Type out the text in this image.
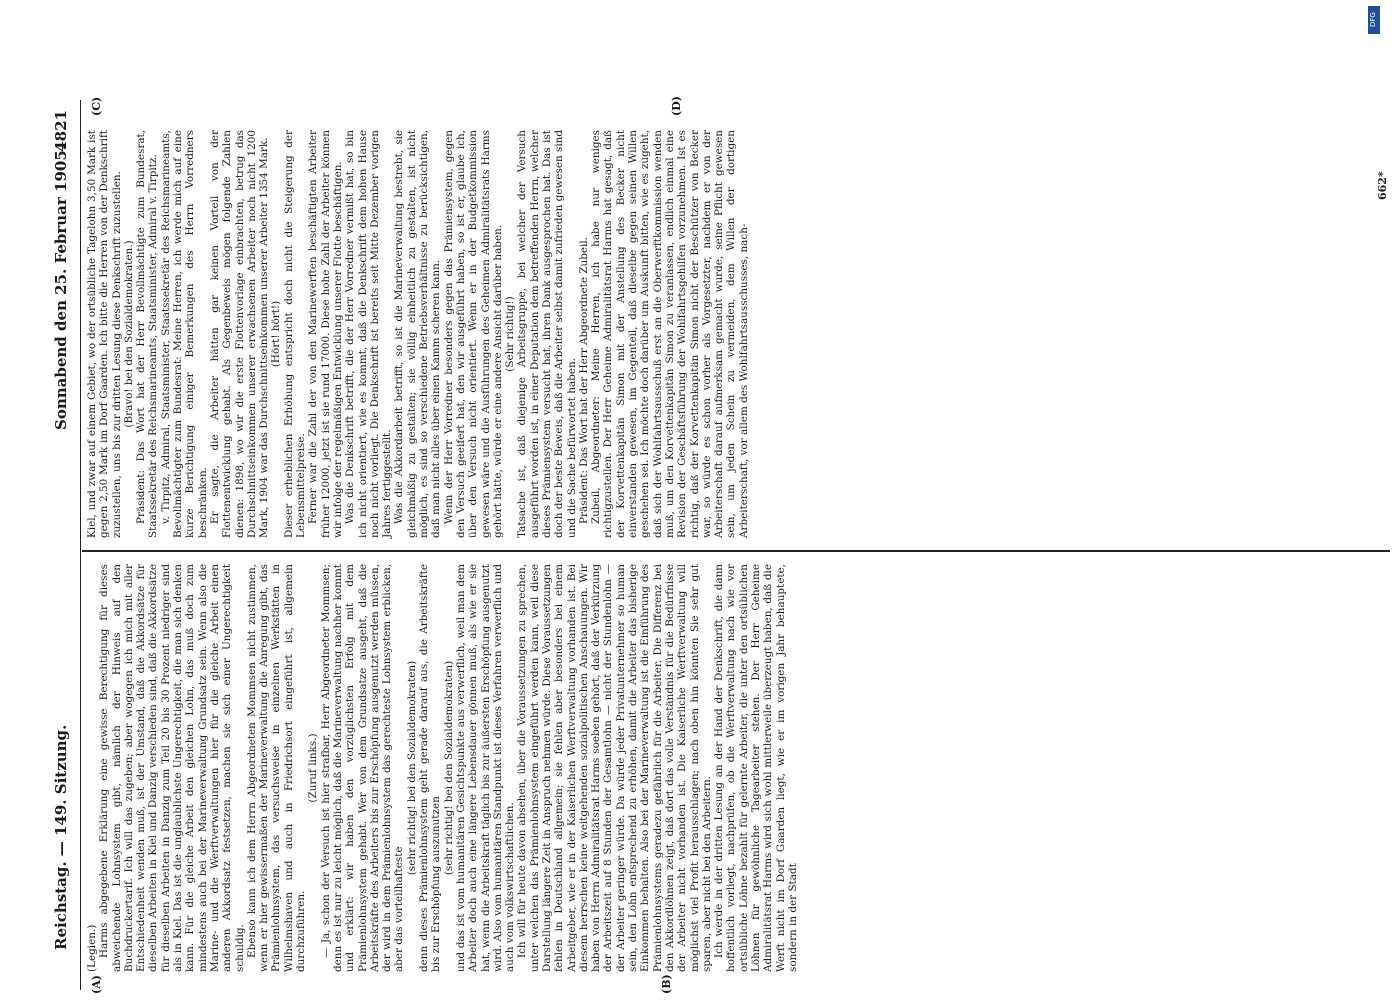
DFG
Reichstag. — 149. Sitzung.
Sonnabend den 25. Februar 1905.
4821
(A)	(B)
(C)	(D)

(Legien.) Harms abgegebene Erklärung eine gewisse Berechtigung für dieses abweichende Lohnsystem gibt, nämlich der Hinweis auf den Buchdruckertarif. Ich will das zugeben; aber wogegen ich mich mit aller Entschiedenheit wenden muß, ist der Umstand, daß die Akkordsätze für dieselben Arbeiten in Kiel und Danzig verschieden sind, daß die Akkordsätze für dieselben Arbeiten in Danzig zum Teil 20 bis 30 Prozent niedriger sind als in Kiel. Das ist die unglaublichste Ungerechtigkeit, die man sich denken kann. Für die gleiche Arbeit den gleichen Lohn, das muß doch zum mindestens auch bei der Marineverwaltung Grundsatz sein. Wenn also die Marine- und die Werftverwaltungen hier für die gleiche Arbeit einen anderen Akkordsatz festsetzen, machen sie sich einer Ungerechtigkeit schuldig. Ebenso kann ich dem Herrn Abgeordneten Mommsen nicht zustimmen, wenn er hier gewissermaßen der Marineverwaltung die Anregung gibt, das Prämienlohnsystem, das versuchsweise in einzelnen Werkstätten in Wilhelmshaven und auch in Friedrichsort eingeführt ist, allgemein durchzuführen.

(Zuruf links.) — Ja, schon der Versuch ist hier strafbar, Herr Abgeordneter Mommsen; denn es ist nur zu leicht möglich, daß die Marineverwaltung nachher kommt und erklärt: wir haben den vorzüglichsten Erfolg mit dem Prämienlohnsystem gehabt. Wer von dem Grundsatze ausgeht, daß die Arbeitskräfte des Arbeiters bis zur Erschöpfung ausgenutzt werden müssen, der wird in dem Prämienlohnsystem das gerechteste Lohnsystem erblicken, aber das vorteilhafteste

(sehr richtig! bei den Sozialdemokraten) denn dieses Prämienlohnsystem geht gerade darauf aus, die Arbeitskräfte bis zur Erschöpfung auszunutzen

(sehr richtig! bei den Sozialdemokraten) und das ist vom humanitären Gesichtspunkte aus verwerflich, weil man dem Arbeiter doch auch eine längere Lebensdauer gönnen muß, als wie er sie hat, wenn die Arbeitskraft täglich bis zur äußersten Erschöpfung ausgenutzt wird. Also vom humanitären Standpunkt ist dieses Verfahren verwerflich und auch vom volkswirtschaftlichen. Ich will für heute davon absehen, über die Voraussetzungen zu sprechen, unter welchen das Prämienlohnsystem eingeführt werden kann, weil diese Darstellung längere Zeit in Anspruch nehmen würde. Diese Voraussetzungen fehlen in Deutschland allgemein; sie fehlen aber besonders bei einem Arbeitgeber, wie er in der Kaiserlichen Werftverwaltung vorhanden ist. Bei diesem herrschen keine weitgehenden sozialpolitischen Anschauungen. Wir haben von Herrn Admiralitätsrat Harms soeben gehört, daß der Verkürzung der Arbeitszeit auf 8 Stunden der Gesamtlohn — nicht der Stundenlohn — der Arbeiter geringer würde. Da würde jeder Privatunternehmer so human sein, den Lohn entsprechend zu erhöhen, damit die Arbeiter das bisherige Einkommen behalten. Also bei der Marineverwaltung ist die Einführung des Prämienlohnsystems geradezu gefährlich für die Arbeiter. Die Differenz bei den Akkordlöhnen zeigt, daß dort das volle Verständnis für die Bedürfnisse der Arbeiter nicht vorhanden ist. Die Kaiserliche Werftverwaltung will möglichst viel Profit herausschlagen; nach oben hin könnten Sie sehr gut sparen, aber nicht bei den Arbeitern. Ich werde in der dritten Lesung an der Hand der Denkschrift, die dann hoffentlich vorliegt, nachprüfen, ob die Werftverwaltung nach wie vor ortsübliche Löhne bezahlt für gelernte Arbeiter, die unter den ortsüblichen Löhnen für gewöhnliche Tagearbeiter stehen. Der Herr Geheime Admiralitätsrat Harms wird sich wohl mittlerweile überzeugt haben, daß die Werft nicht im Dorf Gaarden liegt, wie er im vorigen Jahr behauptete, sondern in der Stadt

Kiel, und zwar auf einem Gebiet, wo der ortsübliche Tagelohn 3,50 Mark ist gegen 2,50 Mark im Dorf Gaarden. Ich bitte die Herren von der Denkschrift zuzustellen, uns bis zur dritten Lesung diese Denkschrift zuzustellen. (Bravo! bei den Sozialdemokraten.) Präsident: Das Wort hat der Herr Bevollmächtigte zum Bundesrat, Staatssekretär des Reichsmarineamts, Staatsminister, Admiral v. Tirpitz. v. Tirpitz, Admiral, Staatsminister, Staatssekretär des Reichsmarineamts, Bevollmächtigter zum Bundesrat: Meine Herren, ich werde mich auf eine kurze Berichtigung einiger Bemerkungen des Herrn Vorredners beschränken. Er sagte, die Arbeiter hätten gar keinen Vorteil von der Flottenentwicklung gehabt. Als Gegenbeweis mögen folgende Zahlen dienen: 1898, wo wir die erste Flottenvorlage einbrachten, betrug das Durchschnittseinkommen unserer erwachsenen Arbeiter noch nicht 1200 Mark, 1904 war das Durchschnittseinkommen unserer Arbeiter 1354 Mark. (Hört! hört!) Dieser erheblichen Erhöhung entspricht doch nicht die Steigerung der Lebensmittelpreise. Ferner war die Zahl der von den Marinewerften beschäftigten Arbeiter früher 12000, jetzt ist sie rund 17000. Diese hohe Zahl der Arbeiter können wir infolge der regelmäßigen Entwicklung unserer Flotte beschäftigen. Was die Denkschrift betrifft, die der Herr Vorredner vermißt hat, so bin ich nicht orientiert, wie es kommt, daß die Denkschrift dem hohen Hause noch nicht vorliegt. Die Denkschrift ist bereits seit Mitte Dezember vorigen Jahres fertiggestellt. Was die Akkordarbeit betrifft, so ist die Marineverwaltung bestrebt, sie gleichmäßig zu gestalten; sie völlig einheitlich zu gestalten, ist nicht möglich, es sind so verschiedene Betriebsverhältnisse zu berücksichtigen, daß man nicht alles über einen Kamm scheren kann. Wenn der Herr Vorredner besonders gegen das Prämiensystem, gegen den Versuch geeifert hat, den wir ausgeführt haben, so ist er, glaube ich, über den Versuch nicht orientiert. Wenn er in der Budgetkommission gewesen wäre und die Ausführungen des Geheimen Admiralitätsrats Harms gehört hätte, würde er eine andere Ansicht darüber haben. (Sehr richtig!) Tatsache ist, daß diejenige Arbeitsgruppe, bei welcher der Versuch ausgeführt worden ist, in einer Deputation dem betreffenden Herrn, welcher dieses Prämiensystem versucht hat, ihren Dank ausgesprochen hat. Das ist doch der beste Beweis, daß die Arbeiter selbst damit zufrieden gewesen sind und die Sache befürwortet haben. Präsident: Das Wort hat der Herr Abgeordnete Zubeil. Zubeil, Abgeordneter: Meine Herren, ich habe nur weniges richtigzustellen. Der Herr Geheime Admiralitätsrat Harms hat gesagt, daß der Korvettenkapitän Simon mit der Anstellung des Becker nicht einverstanden gewesen, im Gegenteil, daß dieselbe gegen seinen Willen geschehen sei. Ich möchte doch darüber um Auskunft bitten, wie es zugeht, daß sich der Wohlfahrtsausschuß erst an die Oberwerftkommission wenden muß, um den Korvettenkapitän Simon zu veranlassen, endlich einmal eine Revision der Geschäftsführung der Wohlfahrtsgehilfen vorzunehmen. Ist es richtig, daß der Korvettenkapitän Simon nicht der Beschützer von Becker war, so würde es schon vorher als Vorgesetzter, nachdem er von der Arbeiterschaft darauf aufmerksam gemacht wurde, seine Pflicht gewesen sein, um jeden Schein zu vermeiden, dem Willen der dortigen Arbeiterschaft, vor allem des Wohlfahrtsausschusses, nach-

662*
